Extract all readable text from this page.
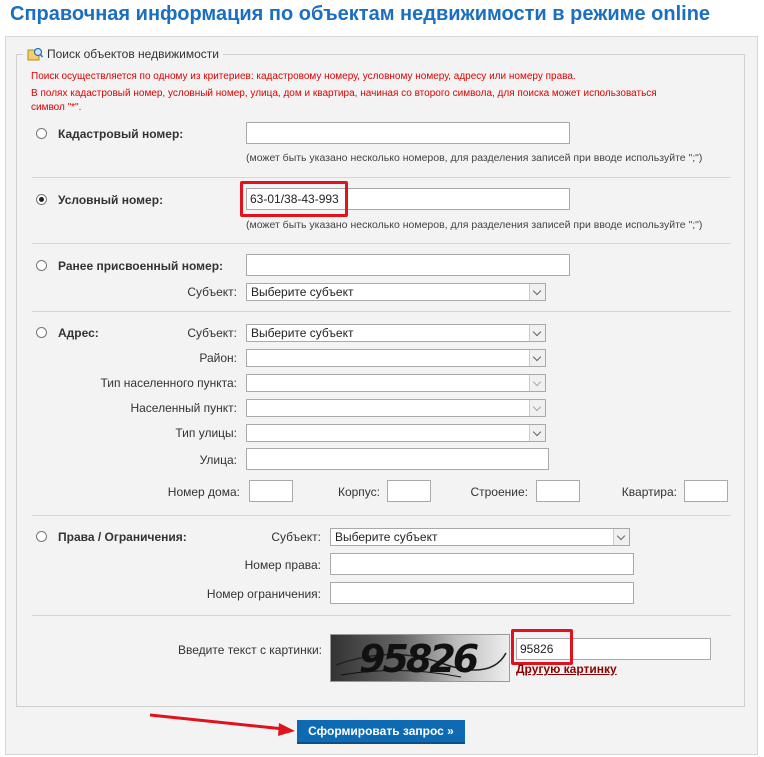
Справочная информация по объектам недвижимости в режиме online
Поиск объектов недвижимости
Поиск осуществляется по одному из критериев: кадастровому номеру, условному номеру, адресу или номеру права.
В полях кадастровый номер, условный номер, улица, дом и квартира, начиная со второго символа, для поиска может использоваться
символ "*".
Кадастровый номер:
(может быть указано несколько номеров, для разделения записей при вводе используйте ";")
Условный номер:
63-01/38-43-993
(может быть указано несколько номеров, для разделения записей при вводе используйте ";")
Ранее присвоенный номер:
Субъект:	Выберите субъект
Адрес:	Субъект:	Выберите субъект
Район:
Тип населенного пункта:
Населенный пункт:
Тип улицы:
Улица:
Номер дома:	Корпус:	Строение:	Квартира:
Права / Ограничения:	Субъект:	Выберите субъект
Номер права:
Номер ограничения:
Введите текст с картинки: 95826
95826	Другую картинку
Сформировать запрос »
